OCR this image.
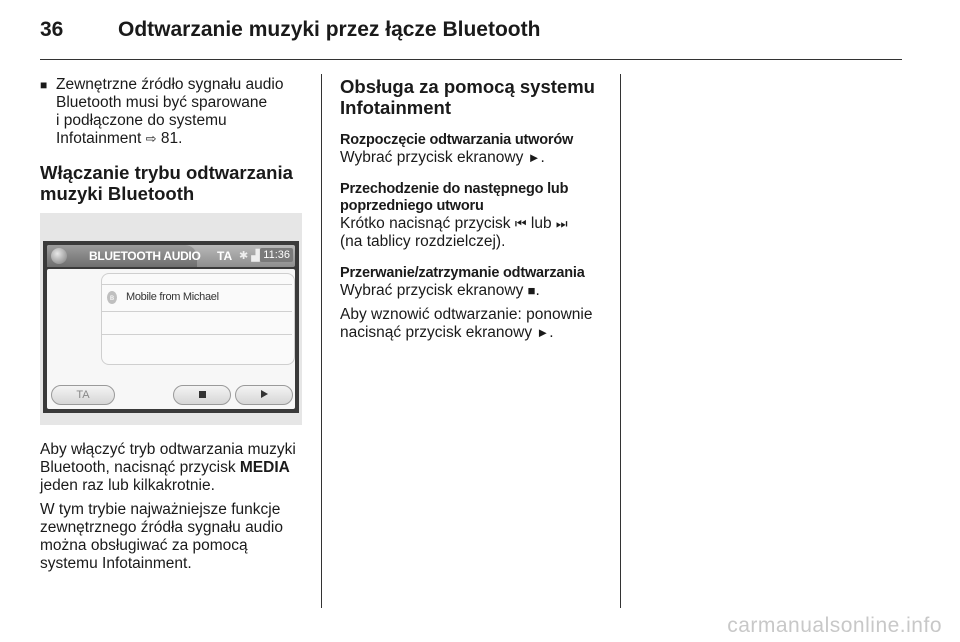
36	Odtwarzanie muzyki przez łącze Bluetooth
■ Zewnętrzne źródło sygnału audio
Bluetooth musi być sparowane
i podłączone do systemu
Infotainment ⇨ 81.
Włączanie trybu odtwarzania
muzyki Bluetooth
BLUETOOTH AUDIO TA ✱ ▟ 11:36
ʙ Mobile from Michael
TA
Aby włączyć tryb odtwarzania muzyki
Bluetooth, nacisnąć przycisk MEDIA
jeden raz lub kilkakrotnie.
W tym trybie najważniejsze funkcje
zewnętrznego źródła sygnału audio
można obsługiwać za pomocą
systemu Infotainment.
Obsługa za pomocą systemu
Infotainment
Rozpoczęcie odtwarzania utworów
Wybrać przycisk ekranowy ►.
Przechodzenie do następnego lub
poprzedniego utworu
Krótko nacisnąć przycisk ⏮ lub ⏭
(na tablicy rozdzielczej).
Przerwanie/zatrzymanie odtwarzania
Wybrać przycisk ekranowy ■.
Aby wznowić odtwarzanie: ponownie
nacisnąć przycisk ekranowy ►.
carmanualsonline.info
